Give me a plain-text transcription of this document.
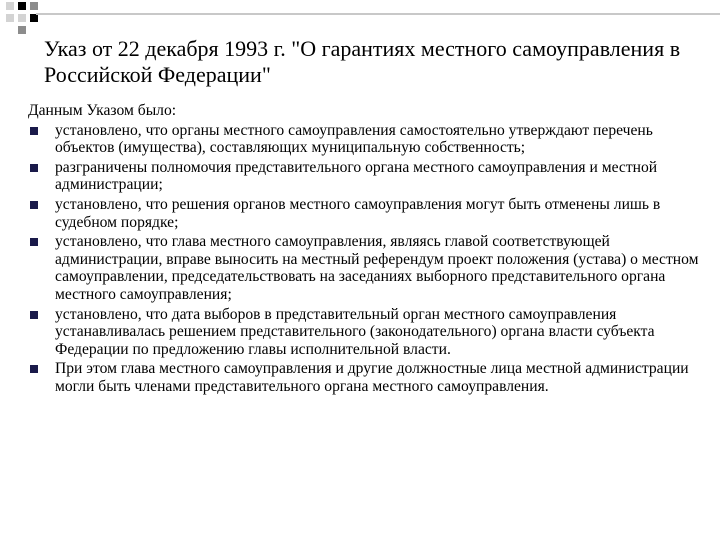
Указ от 22 декабря 1993 г. "О гарантиях местного самоуправления в Российской Федерации"

Данным Указом было:

установлено, что органы местного самоуправления самостоятельно утверждают перечень объектов (имущества), составляющих муниципальную собственность;
разграничены полномочия представительного органа местного самоуправления и местной администрации;
установлено, что решения органов местного самоуправления могут быть отменены лишь в судебном порядке;
установлено, что глава местного самоуправления, являясь главой соответствующей администрации, вправе выносить на местный референдум проект положения (устава) о местном самоуправлении, председательствовать на заседаниях выборного представительного органа местного самоуправления;
установлено, что дата выборов в представительный орган местного самоуправления устанавливалась решением представительного (законодательного) органа власти субъекта Федерации по предложению главы исполнительной власти.
При этом глава местного самоуправления и другие должностные лица местной администрации могли быть членами представительного органа местного самоуправления.
